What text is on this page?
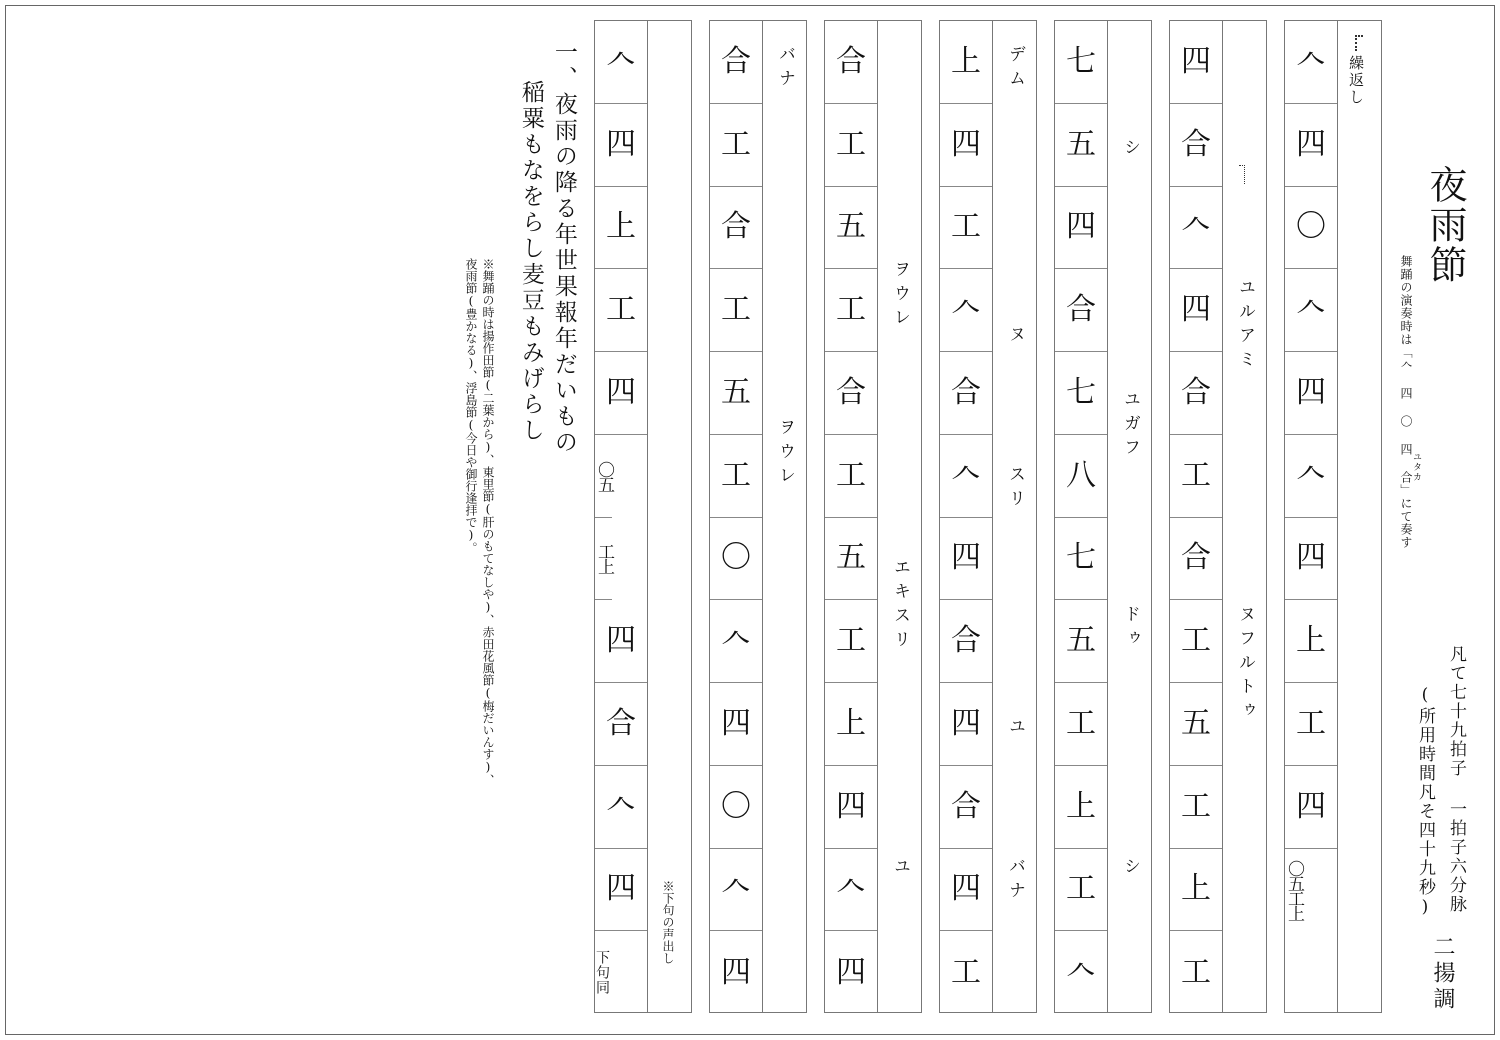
夜雨節
舞踊の演奏時は「𠆢 四 〇 四 合」にて奏す
ユタカ
凡て七十九拍子 一拍子六分脉
(所用時間凡そ四十九秒)
二揚調
繰返し
一、夜雨の降る年世果報年だいもの
稲粟もなをらし麦豆もみげらし
※舞踊の時は揚作田節(二葉から)、東里節(肝のもてなしや)、赤田花風節(梅だいんす)、
夜雨節(豊かなる)、浮島節(今日や御行逢拝で)。
𠆢
四
〇
𠆢
四
𠆢
四
上
工
四
〇五工上
四
合
𠆢
四
合
工
合
工
五
工
上
工
ユルアミ
ヌフルトゥ
七
五
四
合
七
八
七
五
工
上
工
𠆢
シ
ユガフ
ドゥ
シ
上
四
工
𠆢
合
𠆢
四
合
四
合
四
工
デム
ヌ
スリ
ユ
バナ
合
工
五
工
合
工
五
工
上
四
𠆢
四
ヲウレ
エキスリ
ユ
合
工
合
工
五
工
〇
𠆢
四
〇
𠆢
四
バナ
ヲウレ
𠆢
四
上
工
四
〇五
工上
四
合
𠆢
四
下句同
※下句の声出し
